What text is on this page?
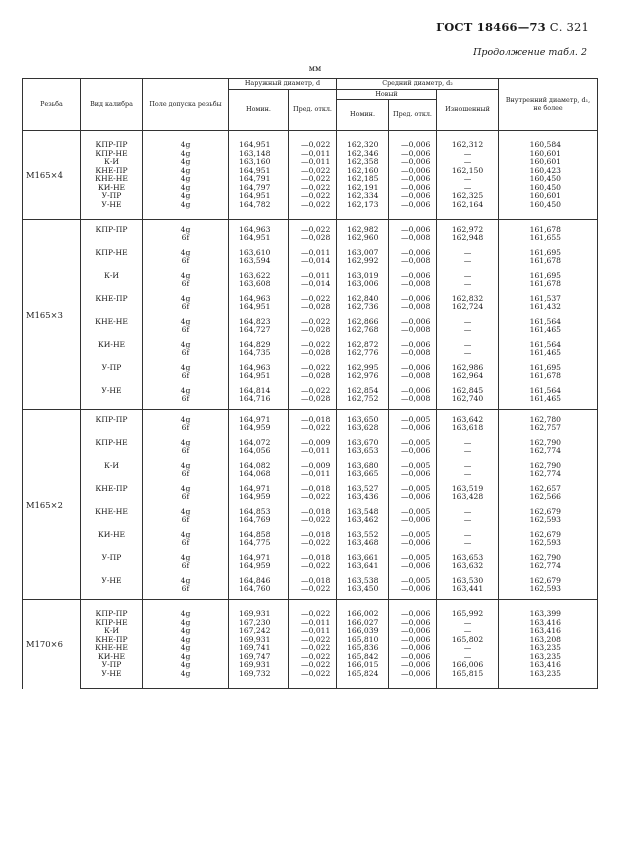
ГОСТ 18466—73 С. 321
Продолжение табл. 2
мм
Резьба	Вид калибра	Поле допуска резьбы	Наружный диаметр, d		Средний диаметр, d₂			Внутренний диаметр, d₁, не более
			Номин.	Пред. откл.	Новый		Изношенный	
					Номин.	Пред. откл.		
М165×4	КПР-ПР	4g	164,951	—0,022	162,320	—0,006	162,312	160,584
	КПР-НЕ	4g	163,148	—0,011	162,346	—0,006	—	160,601
	К-И	4g	163,160	—0,011	162,358	—0,006	—	160,601
	КНЕ-ПР	4g	164,951	—0,022	162,160	—0,006	162,150	160,423
	КНЕ-НЕ	4g	164,791	—0,022	162,185	—0,006	—	160,450
	КИ-НЕ	4g	164,797	—0,022	162,191	—0,006	—	160,450
	У-ПР	4g	164,951	—0,022	162,334	—0,006	162,325	160,601
	У-НЕ	4g	164,782	—0,022	162,173	—0,006	162,164	160,450
М165×3	КПР-ПР	4g	164,963	—0,022	162,982	—0,006	162,972	161,678
		6f	164,951	—0,028	162,960	—0,008	162,948	161,655
	КПР-НЕ	4g	163,610	—0,011	163,007	—0,006	—	161,695
		6f	163,594	—0,014	162,992	—0,008	—	161,678
	К-И	4g	163,622	—0,011	163,019	—0,006	—	161,695
		6f	163,608	—0,014	163,006	—0,008	—	161,678
	КНЕ-ПР	4g	164,963	—0,022	162,840	—0,006	162,832	161,537
		6f	164,951	—0,028	162,736	—0,008	162,724	161,432
	КНЕ-НЕ	4g	164,823	—0,022	162,866	—0,006	—	161,564
		6f	164,727	—0,028	162,768	—0,008	—	161,465
	КИ-НЕ	4g	164,829	—0,022	162,872	—0,006	—	161,564
		6f	164,735	—0,028	162,776	—0,008	—	161,465
	У-ПР	4g	164,963	—0,022	162,995	—0,006	162,986	161,695
		6f	164,951	—0,028	162,976	—0,008	162,964	161,678
	У-НЕ	4g	164,814	—0,022	162,854	—0,006	162,845	161,564
		6f	164,716	—0,028	162,752	—0,008	162,740	161,465
М165×2	КПР-ПР	4g	164,971	—0,018	163,650	—0,005	163,642	162,780
		6f	164,959	—0,022	163,628	—0,006	163,618	162,757
	КПР-НЕ	4g	164,072	—0,009	163,670	—0,005	—	162,790
		6f	164,056	—0,011	163,653	—0,006	—	162,774
	К-И	4g	164,082	—0,009	163,680	—0,005	—	162,790
		6f	164,068	—0,011	163,665	—0,006	—	162,774
	КНЕ-ПР	4g	164,971	—0,018	163,527	—0,005	163,519	162,657
		6f	164,959	—0,022	163,436	—0,006	163,428	162,566
	КНЕ-НЕ	4g	164,853	—0,018	163,548	—0,005	—	162,679
		6f	164,769	—0,022	163,462	—0,006	—	162,593
	КИ-НЕ	4g	164,858	—0,018	163,552	—0,005	—	162,679
		6f	164,775	—0,022	163,468	—0,006	—	162,593
	У-ПР	4g	164,971	—0,018	163,661	—0,005	163,653	162,790
		6f	164,959	—0,022	163,641	—0,006	163,632	162,774
	У-НЕ	4g	164,846	—0,018	163,538	—0,005	163,530	162,679
		6f	164,760	—0,022	163,450	—0,006	163,441	162,593
М170×6	КПР-ПР	4g	169,931	—0,022	166,002	—0,006	165,992	163,399
	КПР-НЕ	4g	167,230	—0,011	166,027	—0,006	—	163,416
	К-И	4g	167,242	—0,011	166,039	—0,006	—	163,416
	КНЕ-ПР	4g	169,931	—0,022	165,810	—0,006	165,802	163,208
	КНЕ-НЕ	4g	169,741	—0,022	165,836	—0,006	—	163,235
	КИ-НЕ	4g	169,747	—0,022	165,842	—0,006	—	163,235
	У-ПР	4g	169,931	—0,022	166,015	—0,006	166,006	163,416
	У-НЕ	4g	169,732	—0,022	165,824	—0,006	165,815	163,235
